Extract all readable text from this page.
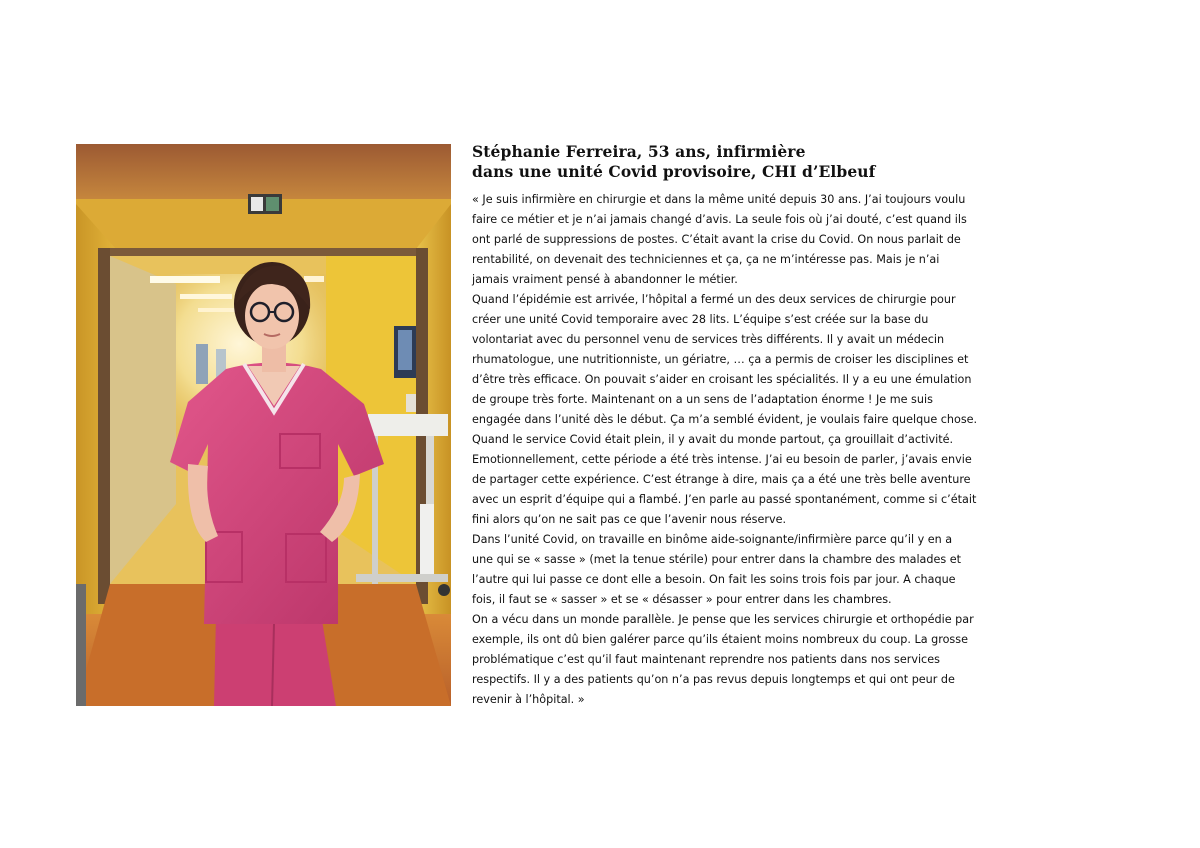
Stéphanie Ferreira, 53 ans, infirmière
dans une unité Covid provisoire, CHI d’Elbeuf
« Je suis infirmière en chirurgie et dans la même unité depuis 30 ans. J’ai toujours voulu
faire ce métier et je n’ai jamais changé d’avis. La seule fois où j’ai douté, c’est quand ils
ont parlé de suppressions de postes. C’était avant la crise du Covid. On nous parlait de
rentabilité, on devenait des techniciennes et ça, ça ne m’intéresse pas. Mais je n’ai
jamais vraiment pensé à abandonner le métier.
Quand l’épidémie est arrivée, l’hôpital a fermé un des deux services de chirurgie pour
créer une unité Covid temporaire avec 28 lits. L’équipe s’est créée sur la base du
volontariat avec du personnel venu de services très différents. Il y avait un médecin
rhumatologue, une nutritionniste, un gériatre, … ça a permis de croiser les disciplines et
d’être très efficace. On pouvait s’aider en croisant les spécialités. Il y a eu une émulation
de groupe très forte. Maintenant on a un sens de l’adaptation énorme ! Je me suis
engagée dans l’unité dès le début. Ça m’a semblé évident, je voulais faire quelque chose.
Quand le service Covid était plein, il y avait du monde partout, ça grouillait d’activité.
Emotionnellement, cette période a été très intense. J’ai eu besoin de parler, j’avais envie
de partager cette expérience. C’est étrange à dire, mais ça a été une très belle aventure
avec un esprit d’équipe qui a flambé. J’en parle au passé spontanément, comme si c’était
fini alors qu’on ne sait pas ce que l’avenir nous réserve.
Dans l’unité Covid, on travaille en binôme aide-soignante/infirmière parce qu’il y en a
une qui se « sasse » (met la tenue stérile) pour entrer dans la chambre des malades et
l’autre qui lui passe ce dont elle a besoin. On fait les soins trois fois par jour. A chaque
fois, il faut se « sasser » et se « désasser » pour entrer dans les chambres.
On a vécu dans un monde parallèle. Je pense que les services chirurgie et orthopédie par
exemple, ils ont dû bien galérer parce qu’ils étaient moins nombreux du coup. La grosse
problématique c’est qu’il faut maintenant reprendre nos patients dans nos services
respectifs. Il y a des patients qu’on n’a pas revus depuis longtemps et qui ont peur de
revenir à l’hôpital. »
